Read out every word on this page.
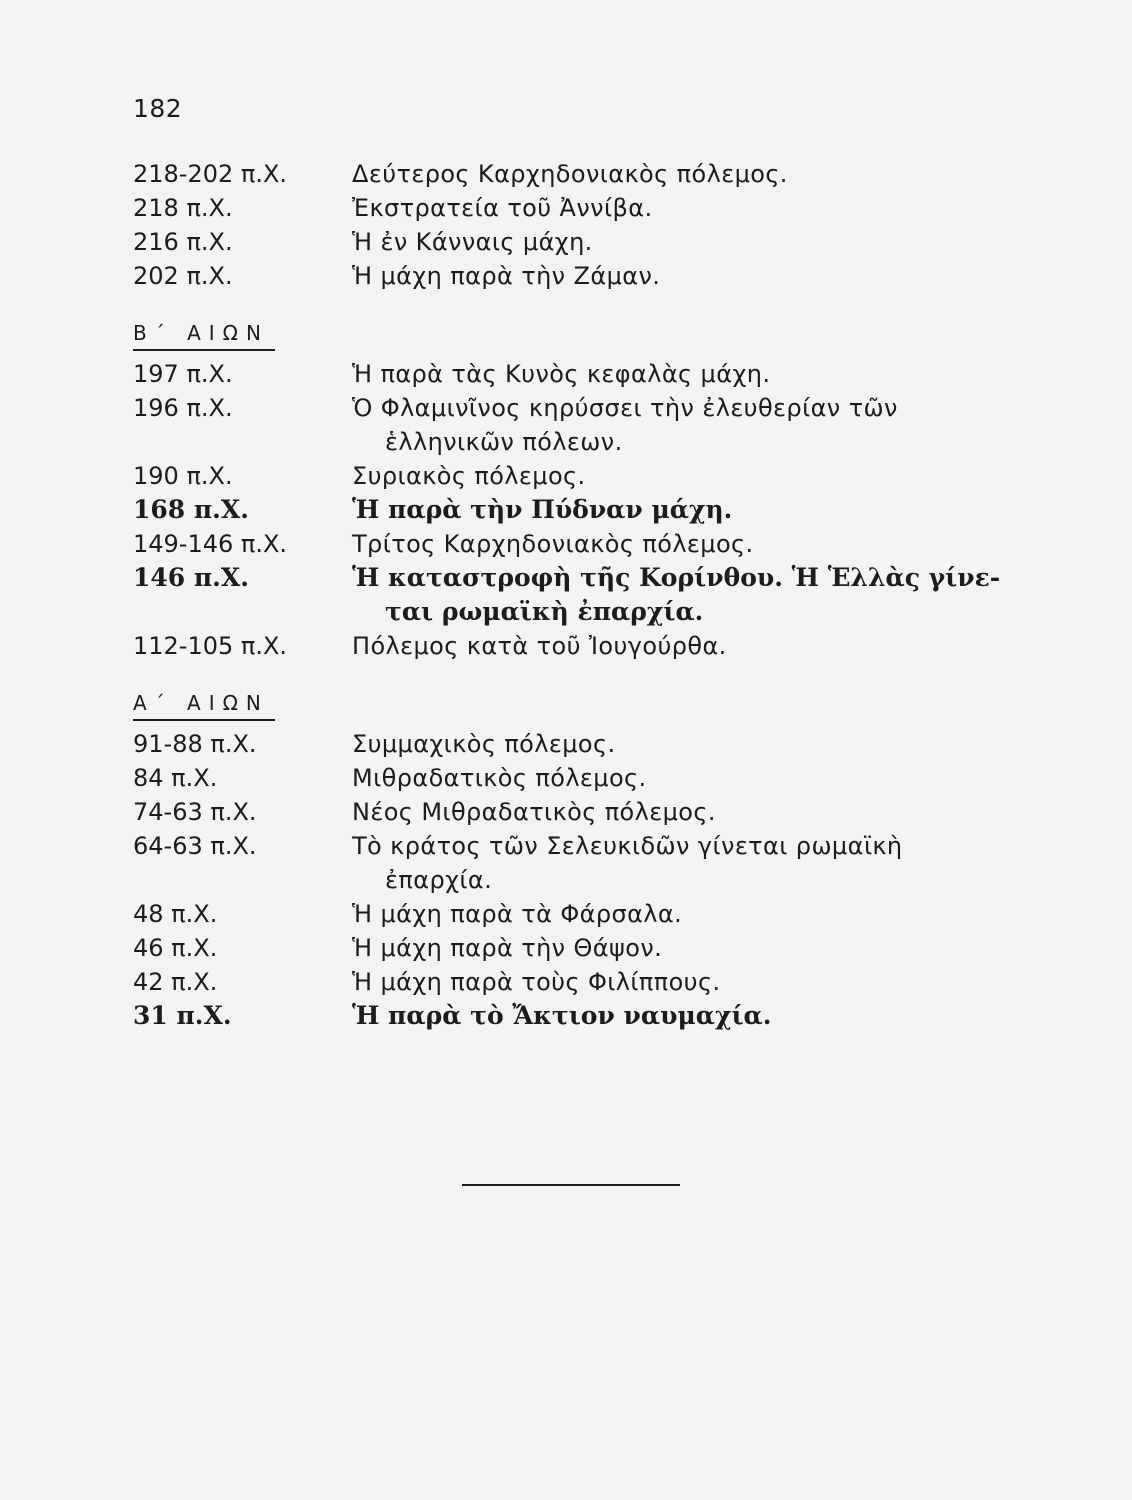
182
218-202 π.Χ.	Δεύτερος Καρχηδονιακὸς πόλεμος.
218 π.Χ.	Ἐκστρατεία τοῦ Ἀννίβα.
216 π.Χ.	Ἡ ἐν Κάνναις μάχη.
202 π.Χ.	Ἡ μάχη παρὰ τὴν Ζάμαν.
Β΄ ΑΙΩΝ
197 π.Χ.	Ἡ παρὰ τὰς Κυνὸς κεφαλὰς μάχη.
196 π.Χ.	Ὁ Φλαμινῖνος κηρύσσει τὴν ἐλευθερίαν τῶν
ἑλληνικῶν πόλεων.
190 π.Χ.	Συριακὸς πόλεμος.
168 π.Χ.	Ἡ παρὰ τὴν Πύδναν μάχη.
149-146 π.Χ.	Τρίτος Καρχηδονιακὸς πόλεμος.
146 π.Χ.	Ἡ καταστροφὴ τῆς Κορίνθου. Ἡ Ἑλλὰς γίνε-
ται ρωμαϊκὴ ἐπαρχία.
112-105 π.Χ.	Πόλεμος κατὰ τοῦ Ἰουγούρθα.
Α΄ ΑΙΩΝ
91-88 π.Χ.	Συμμαχικὸς πόλεμος.
84 π.Χ.	Μιθραδατικὸς πόλεμος.
74-63 π.Χ.	Νέος Μιθραδατικὸς πόλεμος.
64-63 π.Χ.	Τὸ κράτος τῶν Σελευκιδῶν γίνεται ρωμαϊκὴ
ἐπαρχία.
48 π.Χ.	Ἡ μάχη παρὰ τὰ Φάρσαλα.
46 π.Χ.	Ἡ μάχη παρὰ τὴν Θάψον.
42 π.Χ.	Ἡ μάχη παρὰ τοὺς Φιλίππους.
31 π.Χ.	Ἡ παρὰ τὸ Ἄκτιον ναυμαχία.
